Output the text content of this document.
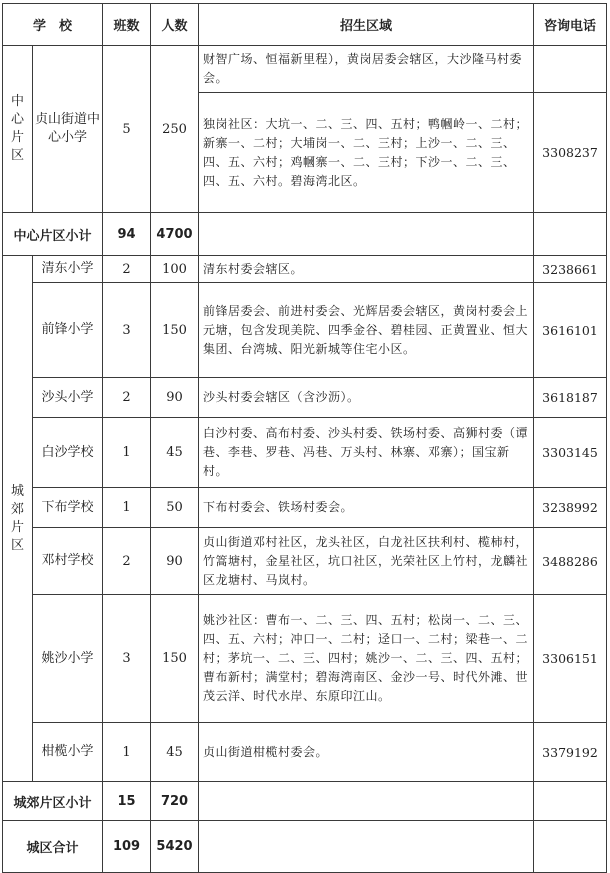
学　校		班数	人数	招生区域	咨询电话

中
心
片
区	贞山街道中心小学	5	250	财智广场、恒福新里程），黄岗居委会辖区，大沙隆马村委会。	
				独岗社区：大坑一、二、三、四、五村；鸭幗岭一、二村；新寨一、二村；大埔岗一、二、三村；上沙一、二、三、四、五、六村；鸡幗寨一、二、三村；下沙一、二、三、四、五、六村。碧海湾北区。	3308237
中心片区小计		94	4700		

城
郊
片
区	清东小学	2	100	清东村委会辖区。	3238661
	前锋小学	3	150	前锋居委会、前进村委会、光辉居委会辖区，黄岗村委会上元塘，包含发现美院、四季金谷、碧桂园、正黄置业、恒大集团、台湾城、阳光新城等住宅小区。	3616101
	沙头小学	2	90	沙头村委会辖区（含沙沥）。	3618187
	白沙学校	1	45	白沙村委、高布村委、沙头村委、铁场村委、高狮村委（谭巷、李巷、罗巷、冯巷、万头村、林寨、邓寨）；国宝新村。	3303145
	下布学校	1	50	下布村委会、铁场村委会。	3238992
	邓村学校	2	90	贞山街道邓村社区，龙头社区，白龙社区扶利村、榄柿村，竹篙塘村，金星社区，坑口社区，光荣社区上竹村，龙麟社区龙塘村、马岚村。	3488286
	姚沙小学	3	150	姚沙社区：曹布一、二、三、四、五村；松岗一、二、三、四、五、六村；冲口一、二村；迳口一、二村；梁巷一、二村；茅坑一、二、三、四村；姚沙一、二、三、四、五村；曹布新村；满堂村；碧海湾南区、金沙一号、时代外滩、世茂云洋、时代水岸、东原印江山。	3306151
	柑榄小学	1	45	贞山街道柑榄村委会。	3379192
城郊片区小计		15	720		
城区合计		109	5420		
